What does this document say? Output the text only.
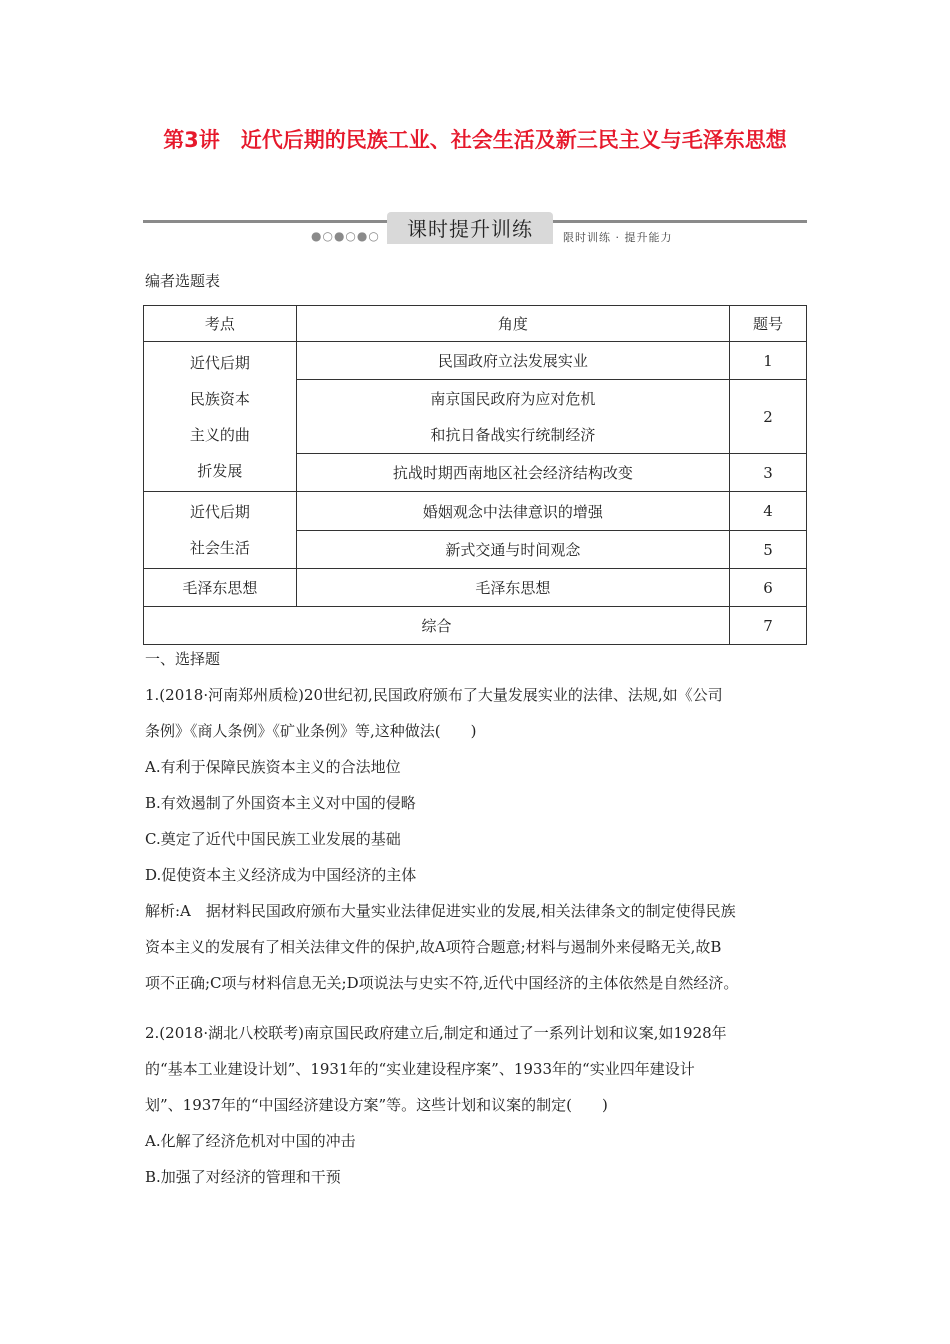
第3讲　近代后期的民族工业、社会生活及新三民主义与毛泽东思想
●○●○●○	课时提升训练	限时训练 · 提升能力
编者选题表
考点	角度	题号

近代后期
民族资本
主义的曲
折发展	民国政府立法发展实业	1

	南京国民政府为应对危机
和抗日备战实行统制经济	2
	抗战时期西南地区社会经济结构改变	3

近代后期
社会生活	婚姻观念中法律意识的增强	4
	新式交通与时间观念	5
毛泽东思想	毛泽东思想	6
综合		7
一、选择题
1.(2018·河南郑州质检)20世纪初,民国政府颁布了大量发展实业的法律、法规,如《公司
条例》《商人条例》《矿业条例》等,这种做法(　　)
A.有利于保障民族资本主义的合法地位
B.有效遏制了外国资本主义对中国的侵略
C.奠定了近代中国民族工业发展的基础
D.促使资本主义经济成为中国经济的主体
解析:A　据材料民国政府颁布大量实业法律促进实业的发展,相关法律条文的制定使得民族
资本主义的发展有了相关法律文件的保护,故A项符合题意;材料与遏制外来侵略无关,故B
项不正确;C项与材料信息无关;D项说法与史实不符,近代中国经济的主体依然是自然经济。
2.(2018·湖北八校联考)南京国民政府建立后,制定和通过了一系列计划和议案,如1928年
的“基本工业建设计划”、1931年的“实业建设程序案”、1933年的“实业四年建设计
划”、1937年的“中国经济建设方案”等。这些计划和议案的制定(　　)
A.化解了经济危机对中国的冲击
B.加强了对经济的管理和干预
